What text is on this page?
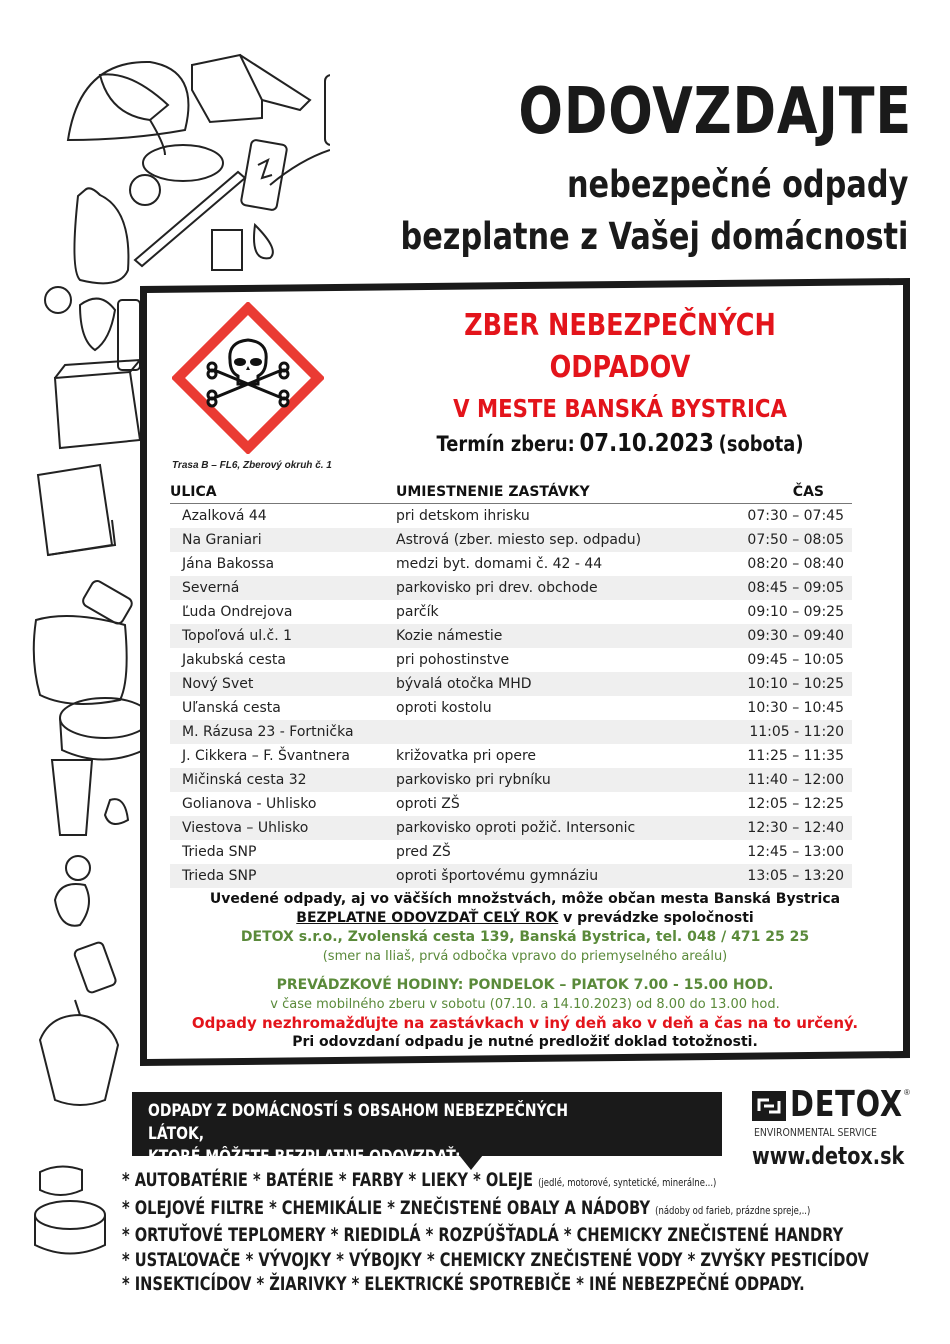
ODOVZDAJTE
nebezpečné odpady
bezplatne z Vašej domácnosti
ZBER NEBEZPEČNÝCH
ODPADOV
V MESTE BANSKÁ BYSTRICA
Termín zberu: 07.10.2023 (sobota)
Trasa B – FL6, Zberový okruh č. 1
ULICA	UMIESTNENIE ZASTÁVKY	ČAS
Azalková 44	pri detskom ihrisku	07:30 – 07:45
Na Graniari	Astrová (zber. miesto sep. odpadu)	07:50 – 08:05
Jána Bakossa	medzi byt. domami č. 42 - 44	08:20 – 08:40
Severná	parkovisko pri drev. obchode	08:45 – 09:05
Ľuda Ondrejova	parčík	09:10 – 09:25
Topoľová ul.č. 1	Kozie námestie	09:30 – 09:40
Jakubská cesta	pri pohostinstve	09:45 – 10:05
Nový Svet	bývalá otočka MHD	10:10 – 10:25
Uľanská cesta	oproti kostolu	10:30 – 10:45
M. Rázusa 23 - Fortnička		11:05 - 11:20
J. Cikkera – F. Švantnera	križovatka pri opere	11:25 – 11:35
Mičinská cesta 32	parkovisko pri rybníku	11:40 – 12:00
Golianova - Uhlisko	oproti ZŠ	12:05 – 12:25
Viestova – Uhlisko	parkovisko oproti požič. Intersonic	12:30 – 12:40
Trieda SNP	pred ZŠ	12:45 – 13:00
Trieda SNP	oproti športovému gymnáziu	13:05 – 13:20
Uvedené odpady, aj vo väčších množstvách, môže občan mesta Banská Bystrica
BEZPLATNE ODOVZDAŤ CELÝ ROK v prevádzke spoločnosti
DETOX s.r.o., Zvolenská cesta 139, Banská Bystrica, tel. 048 / 471 25 25
(smer na Iliaš, prvá odbočka vpravo do priemyselného areálu)
PREVÁDZKOVÉ HODINY: PONDELOK – PIATOK 7.00 - 15.00 HOD.
v čase mobilného zberu v sobotu (07.10. a 14.10.2023) od 8.00 do 13.00 hod.
Odpady nezhromažďujte na zastávkach v iný deň ako v deň a čas na to určený.
Pri odovzdaní odpadu je nutné predložiť doklad totožnosti.
ODPADY Z DOMÁCNOSTÍ S OBSAHOM NEBEZPEČNÝCH LÁTOK,
KTORÉ MÔŽETE BEZPLATNE ODOVZDAŤ:
DETOX ®
ENVIRONMENTAL SERVICE
www.detox.sk
* AUTOBATÉRIE * BATÉRIE * FARBY * LIEKY * OLEJE (jedlé, motorové, syntetické, minerálne...)
* OLEJOVÉ FILTRE * CHEMIKÁLIE * ZNEČISTENÉ OBALY A NÁDOBY (nádoby od farieb, prázdne spreje,..)
* ORTUŤOVÉ TEPLOMERY * RIEDIDLÁ * ROZPÚŠŤADLÁ * CHEMICKY ZNEČISTENÉ HANDRY
* USTAĽOVAČE * VÝVOJKY * VÝBOJKY * CHEMICKY ZNEČISTENÉ VODY * ZVYŠKY PESTICÍDOV
* INSEKTICÍDOV * ŽIARIVKY * ELEKTRICKÉ SPOTREBIČE * INÉ NEBEZPEČNÉ ODPADY.
